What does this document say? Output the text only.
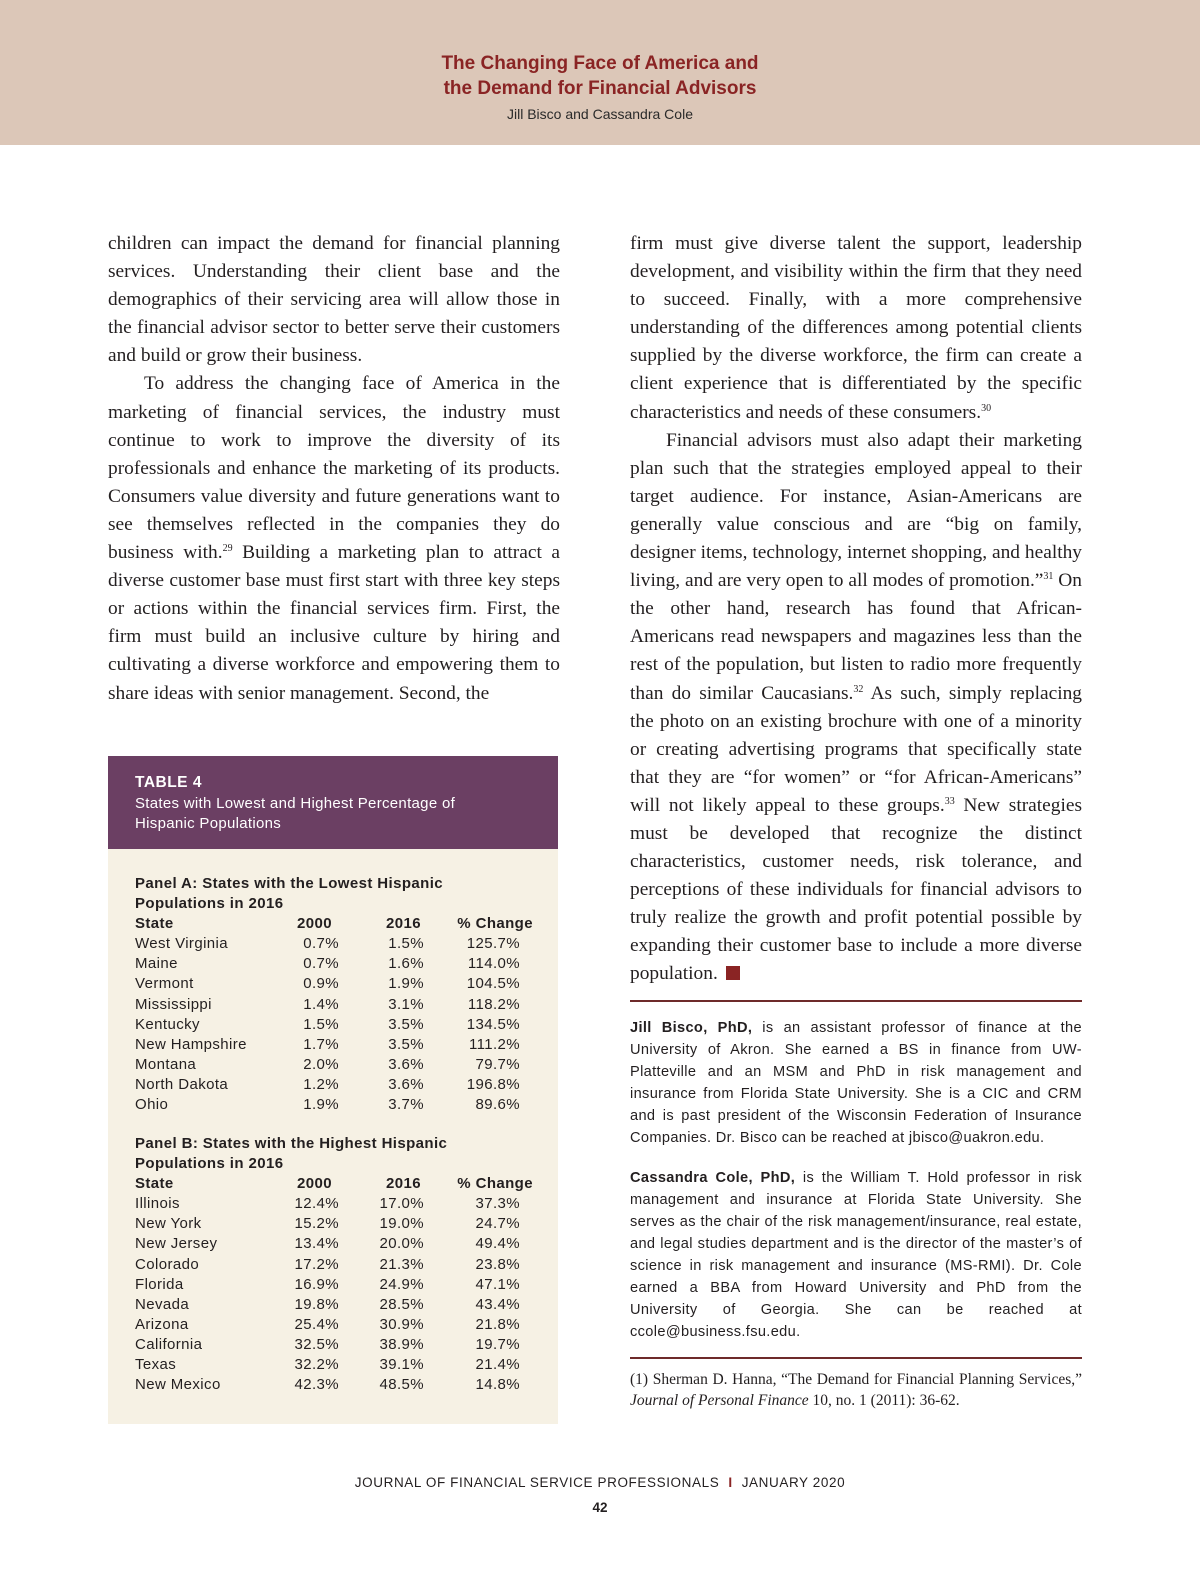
The Changing Face of America and
the Demand for Financial Advisors
Jill Bisco and Cassandra Cole

children can impact the demand for financial planning services. Understanding their client base and the demographics of their servicing area will allow those in the financial advisor sector to better serve their customers and build or grow their business.

To address the changing face of America in the marketing of financial services, the industry must continue to work to improve the diversity of its professionals and enhance the marketing of its products. Consumers value diversity and future generations want to see themselves reflected in the companies they do business with.$^{29}$ Building a marketing plan to attract a diverse customer base must first start with three key steps or actions within the financial services firm. First, the firm must build an inclusive culture by hiring and cultivating a diverse workforce and empowering them to share ideas with senior management. Second, the

TABLE 4
States with Lowest and Highest Percentage of
Hispanic Populations
Panel A: States with the Lowest Hispanic
Populations in 2016
State	2000	2016	% Change
West Virginia	0.7%	1.5%	125.7%
Maine	0.7%	1.6%	114.0%
Vermont	0.9%	1.9%	104.5%
Mississippi	1.4%	3.1%	118.2%
Kentucky	1.5%	3.5%	134.5%
New Hampshire	1.7%	3.5%	111.2%
Montana	2.0%	3.6%	79.7%
North Dakota	1.2%	3.6%	196.8%
Ohio	1.9%	3.7%	89.6%
Panel B: States with the Highest Hispanic
Populations in 2016
State	2000	2016	% Change
Illinois	12.4%	17.0%	37.3%
New York	15.2%	19.0%	24.7%
New Jersey	13.4%	20.0%	49.4%
Colorado	17.2%	21.3%	23.8%
Florida	16.9%	24.9%	47.1%
Nevada	19.8%	28.5%	43.4%
Arizona	25.4%	30.9%	21.8%
California	32.5%	38.9%	19.7%
Texas	32.2%	39.1%	21.4%
New Mexico	42.3%	48.5%	14.8%

firm must give diverse talent the support, leadership development, and visibility within the firm that they need to succeed. Finally, with a more comprehensive understanding of the differences among potential clients supplied by the diverse workforce, the firm can create a client experience that is differentiated by the specific characteristics and needs of these consumers.$^{30}$

Financial advisors must also adapt their marketing plan such that the strategies employed appeal to their target audience. For instance, Asian-Americans are generally value conscious and are “big on family, designer items, technology, internet shopping, and healthy living, and are very open to all modes of promotion.”$^{31}$ On the other hand, research has found that African-Americans read newspapers and magazines less than the rest of the population, but listen to radio more frequently than do similar Caucasians.$^{32}$ As such, simply replacing the photo on an existing brochure with one of a minority or creating advertising programs that specifically state that they are “for women” or “for African-Americans” will not likely appeal to these groups.$^{33}$ New strategies must be developed that recognize the distinct characteristics, customer needs, risk tolerance, and perceptions of these individuals for financial advisors to truly realize the growth and profit potential possible by expanding their customer base to include a more diverse population.

Jill Bisco, PhD, is an assistant professor of finance at the University of Akron. She earned a BS in finance from UW-Platteville and an MSM and PhD in risk management and insurance from Florida State University. She is a CIC and CRM and is past president of the Wisconsin Federation of Insurance Companies. Dr. Bisco can be reached at jbisco@uakron.edu.
Cassandra Cole, PhD, is the William T. Hold professor in risk management and insurance at Florida State University. She serves as the chair of the risk management/insurance, real estate, and legal studies department and is the director of the master’s of science in risk management and insurance (MS-RMI). Dr. Cole earned a BBA from Howard University and PhD from the University of Georgia. She can be reached at ccole@business.fsu.edu.
(1) Sherman D. Hanna, “The Demand for Financial Planning Services,” Journal of Personal Finance 10, no. 1 (2011): 36-62.
JOURNAL OF FINANCIAL SERVICE PROFESSIONALS I JANUARY 2020
42
